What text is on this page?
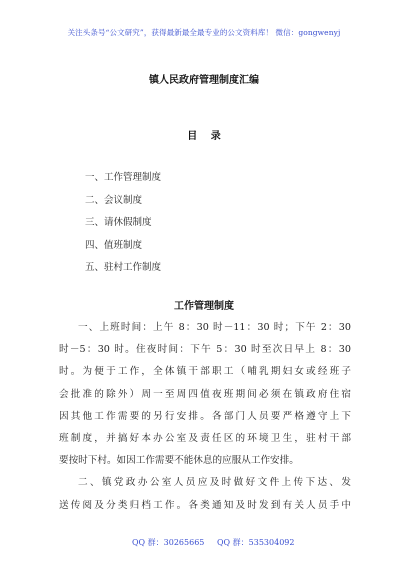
关注头条号“公文研究”，获得最新最全最专业的公文资料库！ 微信：gongwenyj
镇人民政府管理制度汇编
目 录
一、工作管理制度
二、会议制度
三、请休假制度
四、值班制度
五、驻村工作制度
工作管理制度
一、上班时间：上午 8：30 时－11：30 时；下午 2：30
时－5：30 时。住夜时间：下午 5：30 时至次日早上 8：30
时。为便于工作，全体镇干部职工（哺乳期妇女或经班子
会批准的除外）周一至周四值夜班期间必须在镇政府住宿
因其他工作需要的另行安排。各部门人员要严格遵守上下
班制度，并搞好本办公室及责任区的环境卫生，驻村干部
要按时下村。如因工作需要不能休息的应服从工作安排。
二、镇党政办公室人员应及时做好文件上传下达、发
送传阅及分类归档工作。各类通知及时发到有关人员手中
QQ 群：30265665 QQ 群：535304092
